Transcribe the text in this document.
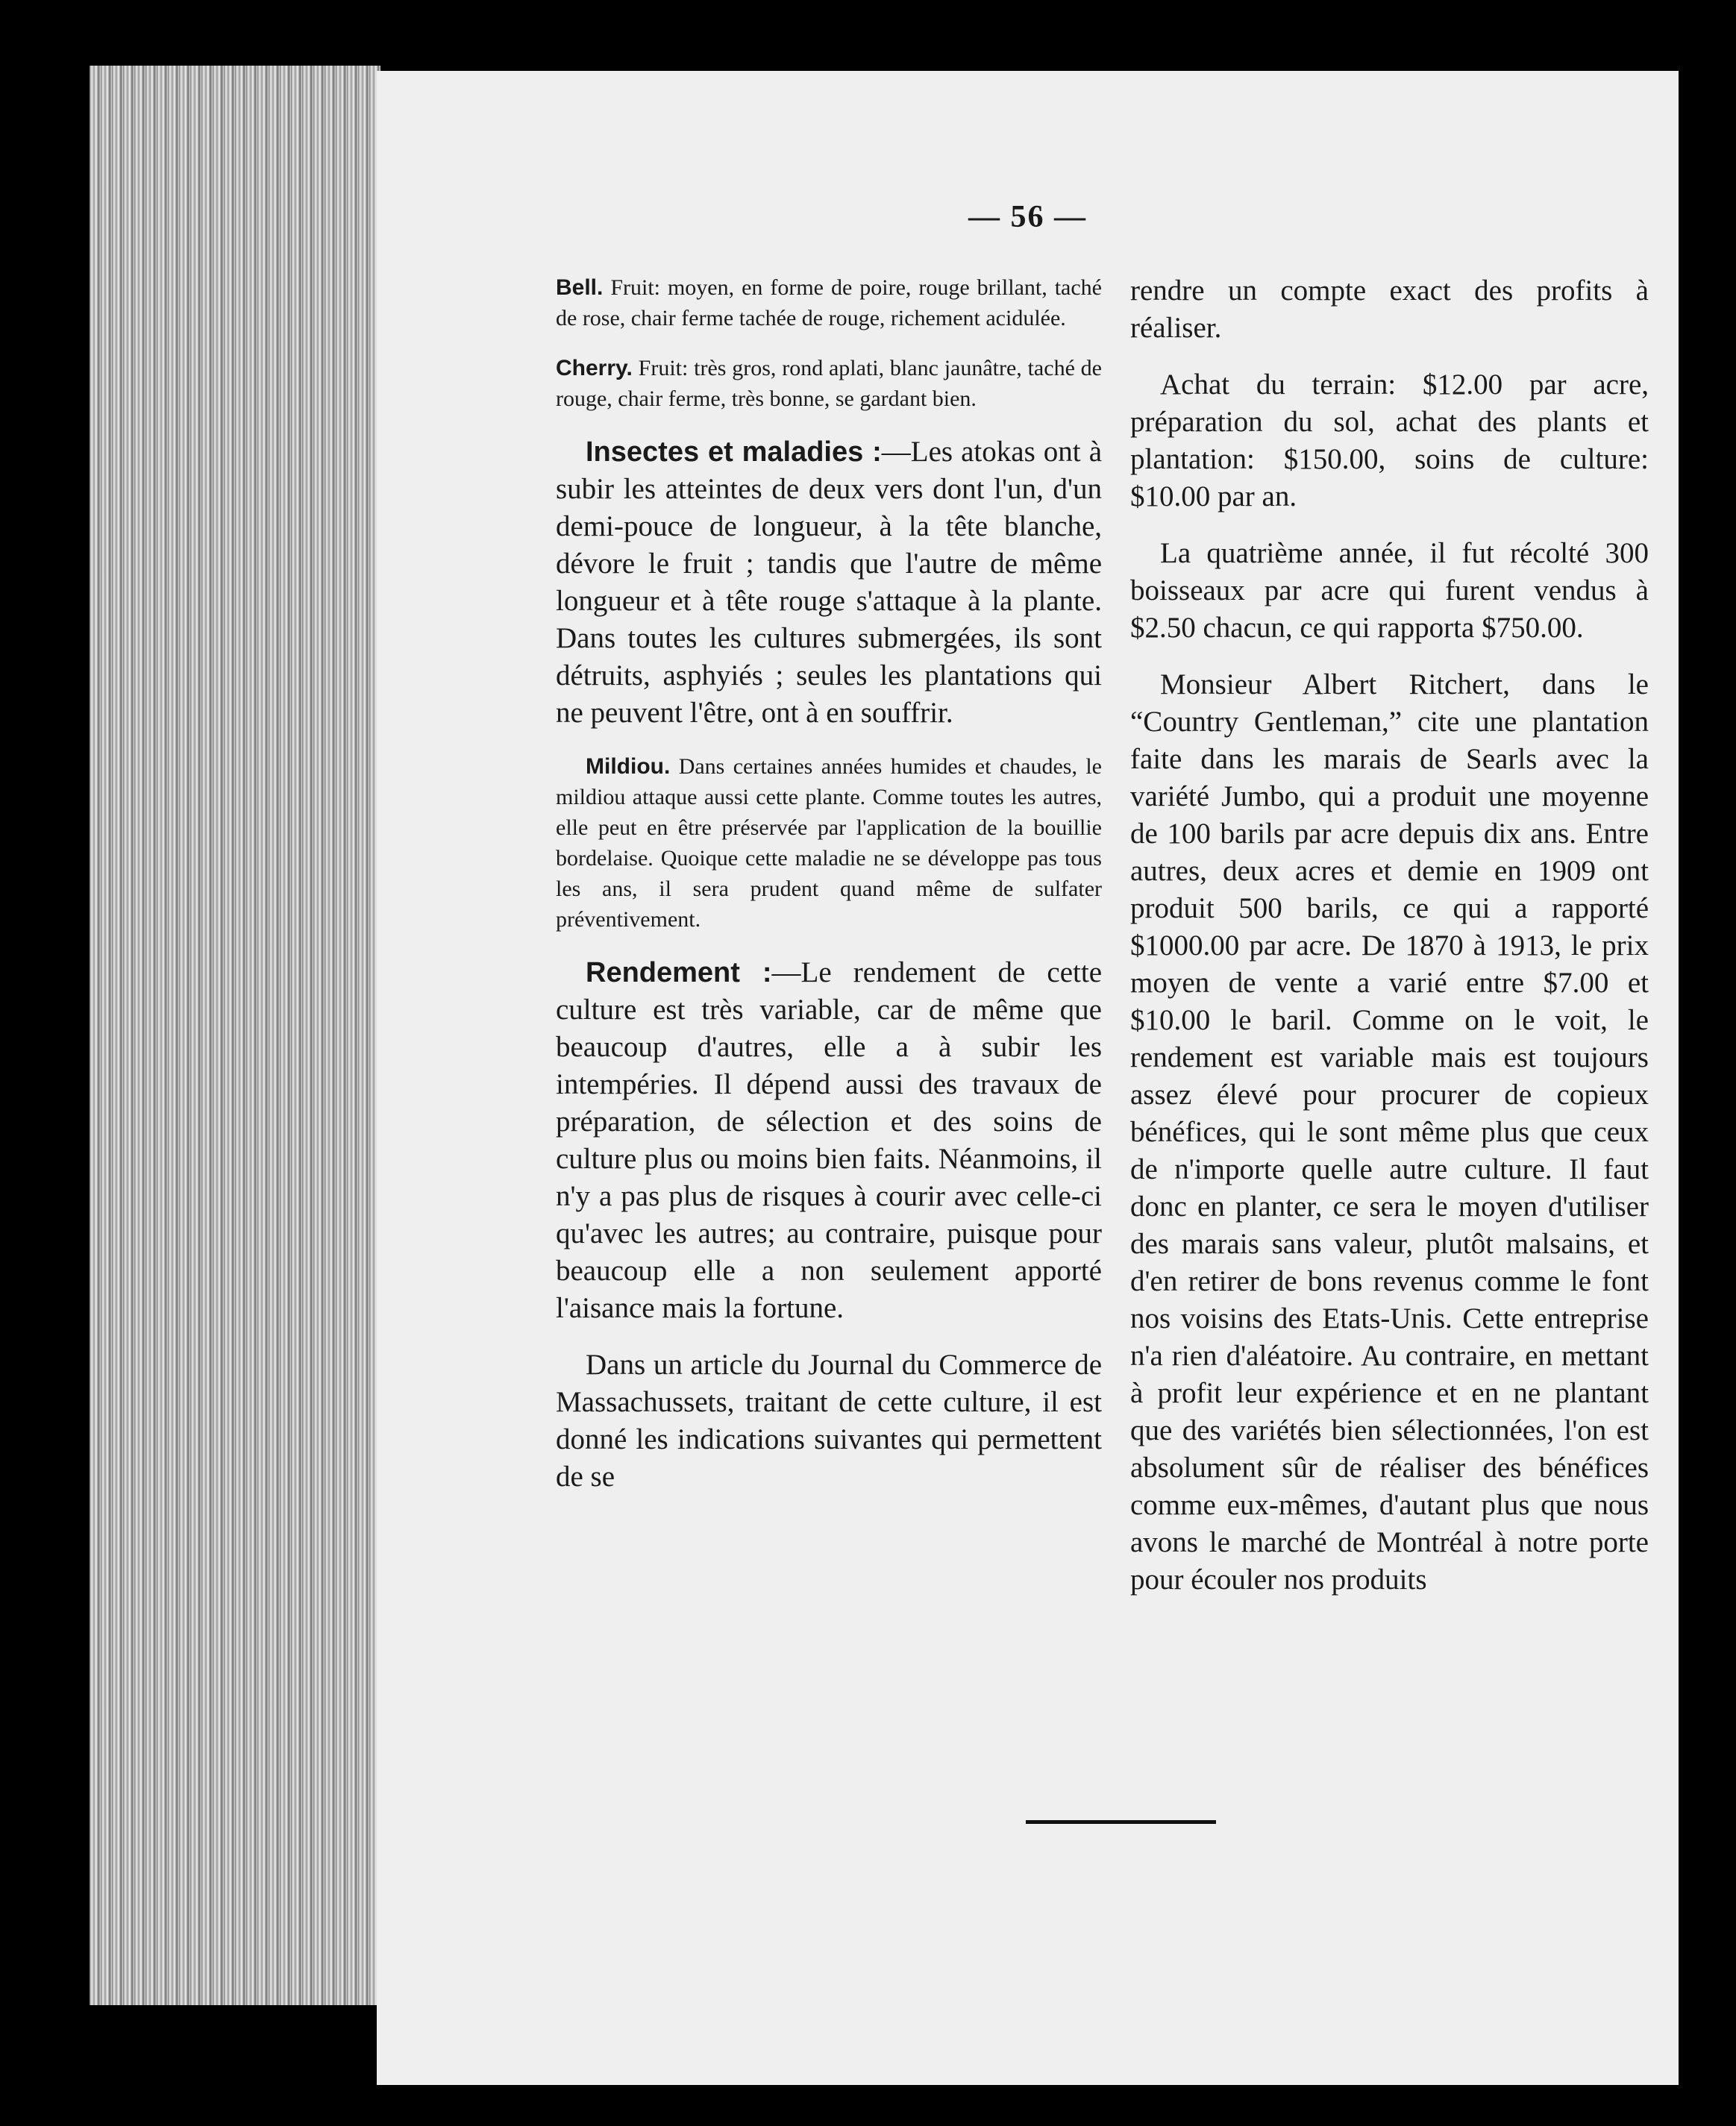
— 56 —

Bell. Fruit: moyen, en forme de poire, rouge brillant, taché de rose, chair ferme tachée de rouge, richement acidulée.

Cherry. Fruit: très gros, rond aplati, blanc jaunâtre, taché de rouge, chair ferme, très bonne, se gardant bien.

Insectes et maladies :—Les atokas ont à subir les atteintes de deux vers dont l'un, d'un demi-pouce de longueur, à la tête blanche, dévore le fruit ; tandis que l'autre de même longueur et à tête rouge s'attaque à la plante. Dans toutes les cultures submergées, ils sont détruits, asphyiés ; seules les plantations qui ne peuvent l'être, ont à en souffrir.

Mildiou. Dans certaines années humides et chaudes, le mildiou attaque aussi cette plante. Comme toutes les autres, elle peut en être préservée par l'application de la bouillie bordelaise. Quoique cette maladie ne se développe pas tous les ans, il sera prudent quand même de sulfater préventivement.

Rendement :—Le rendement de cette culture est très variable, car de même que beaucoup d'autres, elle a à subir les intempéries. Il dépend aussi des travaux de préparation, de sélection et des soins de culture plus ou moins bien faits. Néanmoins, il n'y a pas plus de risques à courir avec celle-ci qu'avec les autres; au contraire, puisque pour beaucoup elle a non seulement apporté l'aisance mais la fortune.

Dans un article du Journal du Commerce de Massachussets, traitant de cette culture, il est donné les indications suivantes qui permettent de se

rendre un compte exact des profits à réaliser.

Achat du terrain: $12.00 par acre, préparation du sol, achat des plants et plantation: $150.00, soins de culture: $10.00 par an.

La quatrième année, il fut récolté 300 boisseaux par acre qui furent vendus à $2.50 chacun, ce qui rapporta $750.00.

Monsieur Albert Ritchert, dans le “Country Gentleman,” cite une plantation faite dans les marais de Searls avec la variété Jumbo, qui a produit une moyenne de 100 barils par acre depuis dix ans. Entre autres, deux acres et demie en 1909 ont produit 500 barils, ce qui a rapporté $1000.00 par acre. De 1870 à 1913, le prix moyen de vente a varié entre $7.00 et $10.00 le baril. Comme on le voit, le rendement est variable mais est toujours assez élevé pour procurer de copieux bénéfices, qui le sont même plus que ceux de n'importe quelle autre culture. Il faut donc en planter, ce sera le moyen d'utiliser des marais sans valeur, plutôt malsains, et d'en retirer de bons revenus comme le font nos voisins des Etats-Unis. Cette entreprise n'a rien d'aléatoire. Au contraire, en mettant à profit leur expérience et en ne plantant que des variétés bien sélectionnées, l'on est absolument sûr de réaliser des bénéfices comme eux-mêmes, d'autant plus que nous avons le marché de Montréal à notre porte pour écouler nos produits
